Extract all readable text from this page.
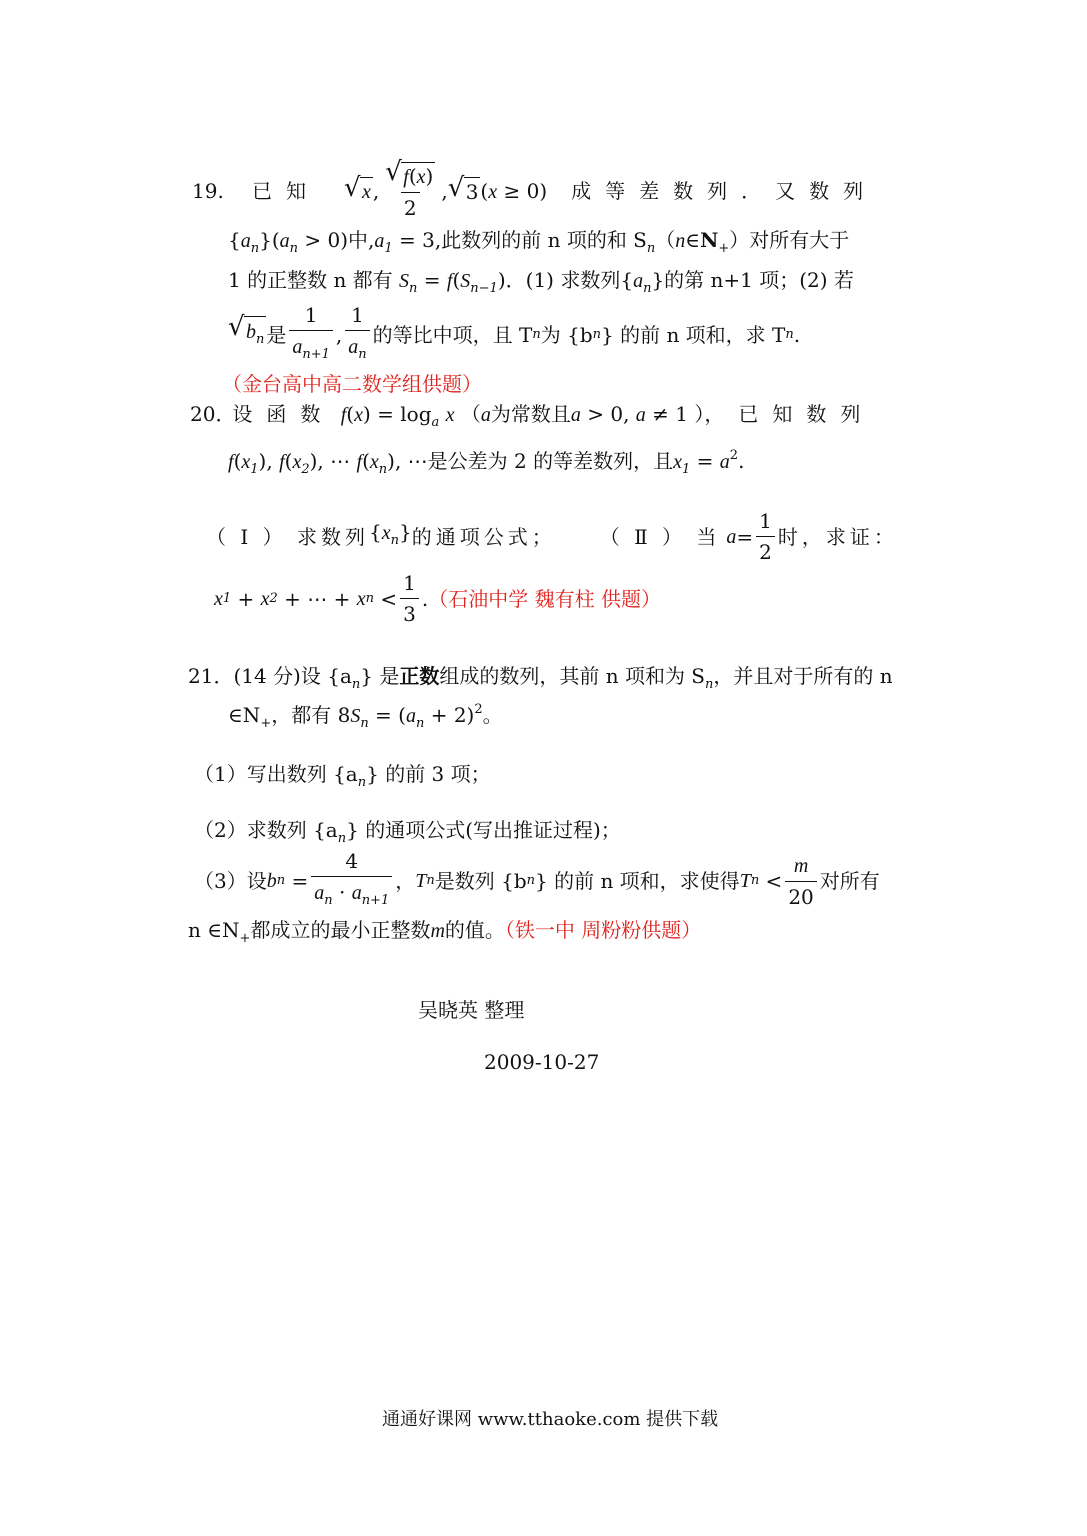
19.	已知	√ x , √ $\frac{f(x)}{2}$ , √ 3 (x ≥ 0) 成等差数列．又数列
$\{a_n\}(a_n > 0)$中$,a_1 = 3$,此数列的前 n 项的和 $S_n(n\in N_+)$对所有大于
1 的正整数 n 都有 $S_n = f(S_{n-1})$．(1) 求数列$\{a_n\}$的第 n+1 项；(2) 若
√ $b_n$ 是 $\frac{1}{a_{n+1}}$ , $\frac{1}{a_n}$ 的等比中项，且 T n 为 {b n } 的前 n 项和，求 T n .
（金台高中高二数学组供题）
20． 设函数 $f(x) = \log_a x$ （a为常数且a > 0, a ≠ 1 ），已知数列
$f(x_1)$, $f(x_2)$, ⋯ $f(x_n)$, ⋯是公差为 2 的等差数列，且$x_1 = a^2$.
（ Ⅰ ） 求数列 $\{x_n\}$ 的通项公式； （ Ⅱ ） 当 $a = \frac{1}{2}$ 时，求证：
x 1 + x 2 + ⋯ + x $n < \frac{1}{3}$ . （石油中学 魏有柱 供题）
21．(14 分)设 $\{a_n\}$ 是正数组成的数列，其前 n 项和为 $S_n$，并且对于所有的 n
$\in N_+$，都有 $8S_n = (a_n + 2)^2$。
（1）写出数列 $\{a_n\}$ 的前 3 项；
（2）求数列 $\{a_n\}$ 的通项公式(写出推证过程)；
（3）设 b $n = \frac{4}{a_n \cdot a_{n+1}}$ ， T n 是数列 {b n } 的前 n 项和，求使得 T $n < \frac{m}{20}$ 对所有
n $\in N_+$都成立的最小正整数m的值。（铁一中 周粉粉供题）
吴晓英 整理
2009-10-27
通通好课网 www.tthaoke.com 提供下载
